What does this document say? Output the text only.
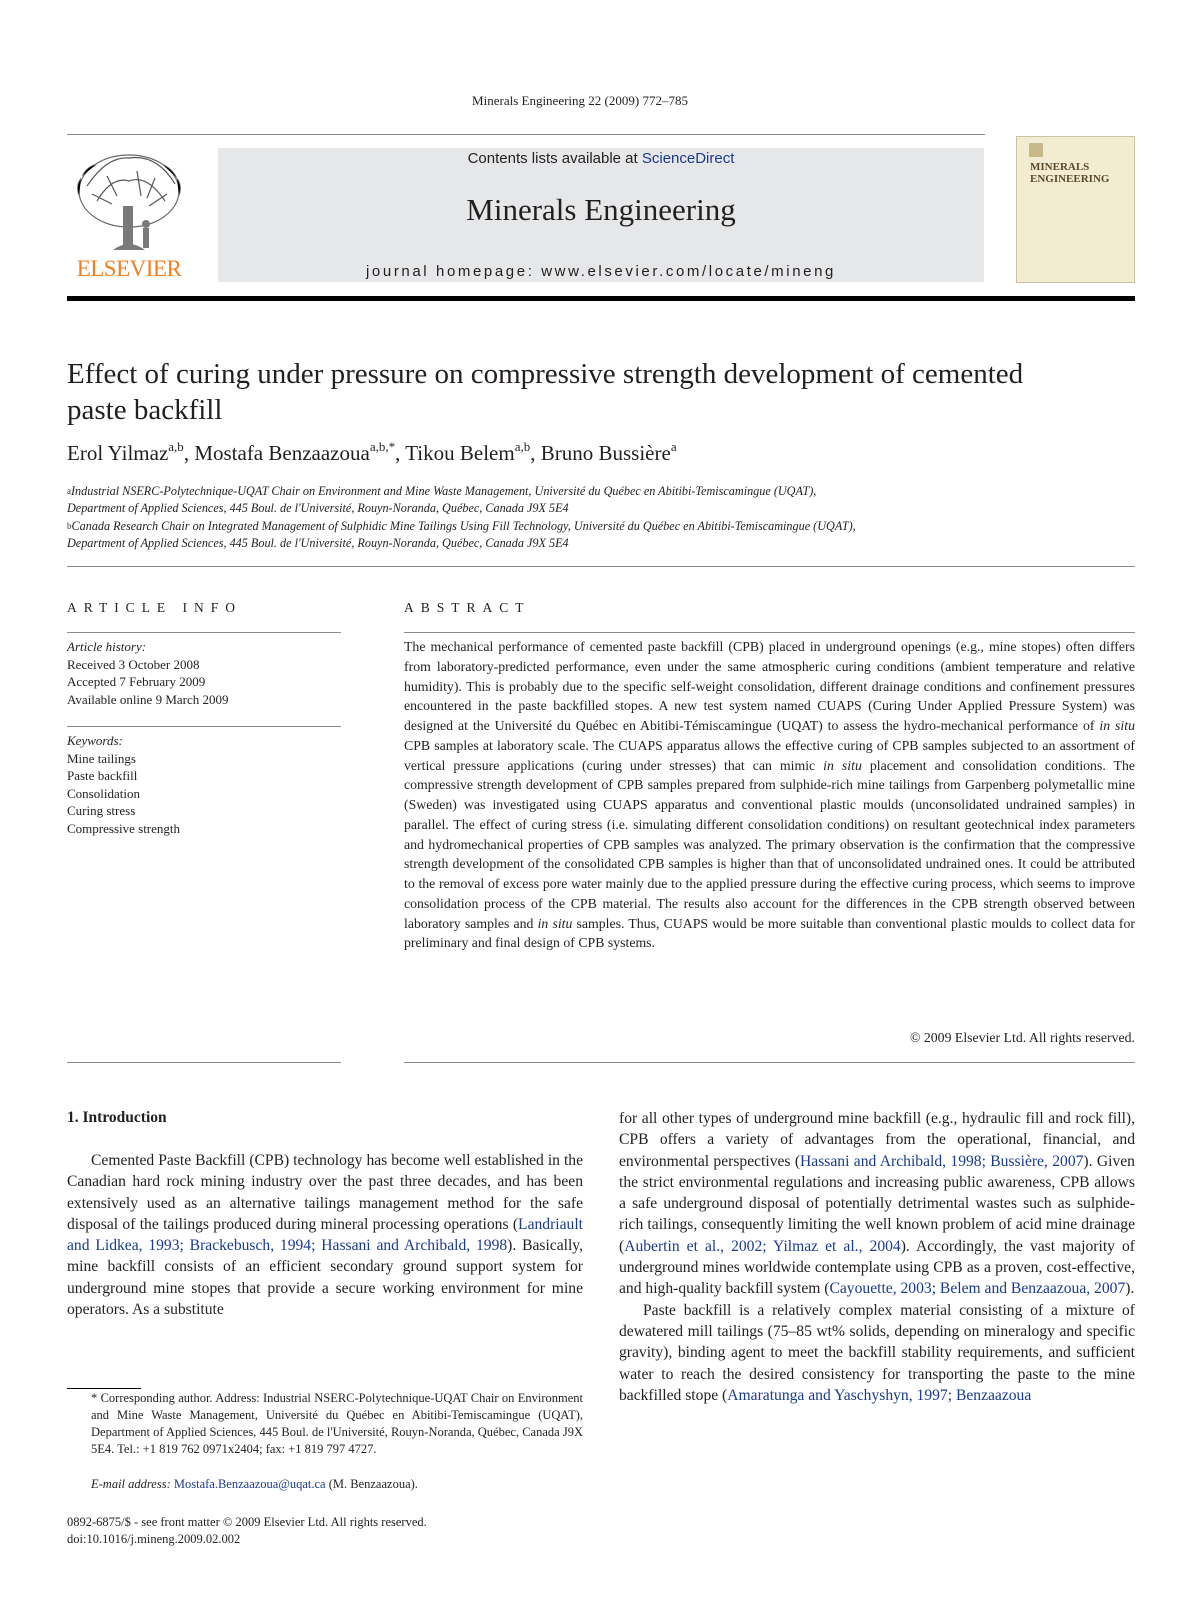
Minerals Engineering 22 (2009) 772–785
ELSEVIER
Contents lists available at ScienceDirect
Minerals Engineering
journal homepage: www.elsevier.com/locate/mineng
MINERALS ENGINEERING
Effect of curing under pressure on compressive strength development of cemented paste backfill
Erol Yilmaz$^{a,b}$, Mostafa Benzaazoua$^{a,b,*}$, Tikou Belem$^{a,b}$, Bruno Bussière$^a$
$^a$Industrial NSERC-Polytechnique-UQAT Chair on Environment and Mine Waste Management, Université du Québec en Abitibi-Temiscamingue (UQAT),
Department of Applied Sciences, 445 Boul. de l'Université, Rouyn-Noranda, Québec, Canada J9X 5E4
$^b$Canada Research Chair on Integrated Management of Sulphidic Mine Tailings Using Fill Technology, Université du Québec en Abitibi-Temiscamingue (UQAT),
Department of Applied Sciences, 445 Boul. de l'Université, Rouyn-Noranda, Québec, Canada J9X 5E4
ARTICLE INFO	ABSTRACT
Article history:
Received 3 October 2008
Accepted 7 February 2009
Available online 9 March 2009
Keywords:
Mine tailings
Paste backfill
Consolidation
Curing stress
Compressive strength
The mechanical performance of cemented paste backfill (CPB) placed in underground openings (e.g., mine stopes) often differs from laboratory-predicted performance, even under the same atmospheric curing conditions (ambient temperature and relative humidity). This is probably due to the specific self-weight consolidation, different drainage conditions and confinement pressures encountered in the paste backfilled stopes. A new test system named CUAPS (Curing Under Applied Pressure System) was designed at the Université du Québec en Abitibi-Témiscamingue (UQAT) to assess the hydro-mechanical performance of in situ CPB samples at laboratory scale. The CUAPS apparatus allows the effective curing of CPB samples subjected to an assortment of vertical pressure applications (curing under stresses) that can mimic in situ placement and consolidation conditions. The compressive strength development of CPB samples prepared from sulphide-rich mine tailings from Garpenberg polymetallic mine (Sweden) was investigated using CUAPS apparatus and conventional plastic moulds (unconsolidated undrained samples) in parallel. The effect of curing stress (i.e. simulating different consolidation conditions) on resultant geotechnical index parameters and hydromechanical properties of CPB samples was analyzed. The primary observation is the confirmation that the compressive strength development of the consolidated CPB samples is higher than that of unconsolidated undrained ones. It could be attributed to the removal of excess pore water mainly due to the applied pressure during the effective curing process, which seems to improve consolidation process of the CPB material. The results also account for the differences in the CPB strength observed between laboratory samples and in situ samples. Thus, CUAPS would be more suitable than conventional plastic moulds to collect data for preliminary and final design of CPB systems.
© 2009 Elsevier Ltd. All rights reserved.
1. Introduction

Cemented Paste Backfill (CPB) technology has become well established in the Canadian hard rock mining industry over the past three decades, and has been extensively used as an alternative tailings management method for the safe disposal of the tailings produced during mineral processing operations (Landriault and Lidkea, 1993; Brackebusch, 1994; Hassani and Archibald, 1998). Basically, mine backfill consists of an efficient secondary ground support system for underground mine stopes that provide a secure working environment for mine operators. As a substitute

for all other types of underground mine backfill (e.g., hydraulic fill and rock fill), CPB offers a variety of advantages from the operational, financial, and environmental perspectives (Hassani and Archibald, 1998; Bussière, 2007). Given the strict environmental regulations and increasing public awareness, CPB allows a safe underground disposal of potentially detrimental wastes such as sulphide-rich tailings, consequently limiting the well known problem of acid mine drainage (Aubertin et al., 2002; Yilmaz et al., 2004). Accordingly, the vast majority of underground mines worldwide contemplate using CPB as a proven, cost-effective, and high-quality backfill system (Cayouette, 2003; Belem and Benzaazoua, 2007).

Paste backfill is a relatively complex material consisting of a mixture of dewatered mill tailings (75–85 wt% solids, depending on mineralogy and specific gravity), binding agent to meet the backfill stability requirements, and sufficient water to reach the desired consistency for transporting the paste to the mine backfilled stope (Amaratunga and Yaschyshyn, 1997; Benzaazoua

* Corresponding author. Address: Industrial NSERC-Polytechnique-UQAT Chair on Environment and Mine Waste Management, Université du Québec en Abitibi-Temiscamingue (UQAT), Department of Applied Sciences, 445 Boul. de l'Université, Rouyn-Noranda, Québec, Canada J9X 5E4. Tel.: +1 819 762 0971x2404; fax: +1 819 797 4727.
E-mail address: Mostafa.Benzaazoua@uqat.ca (M. Benzaazoua).
0892-6875/$ - see front matter © 2009 Elsevier Ltd. All rights reserved.
doi:10.1016/j.mineng.2009.02.002
